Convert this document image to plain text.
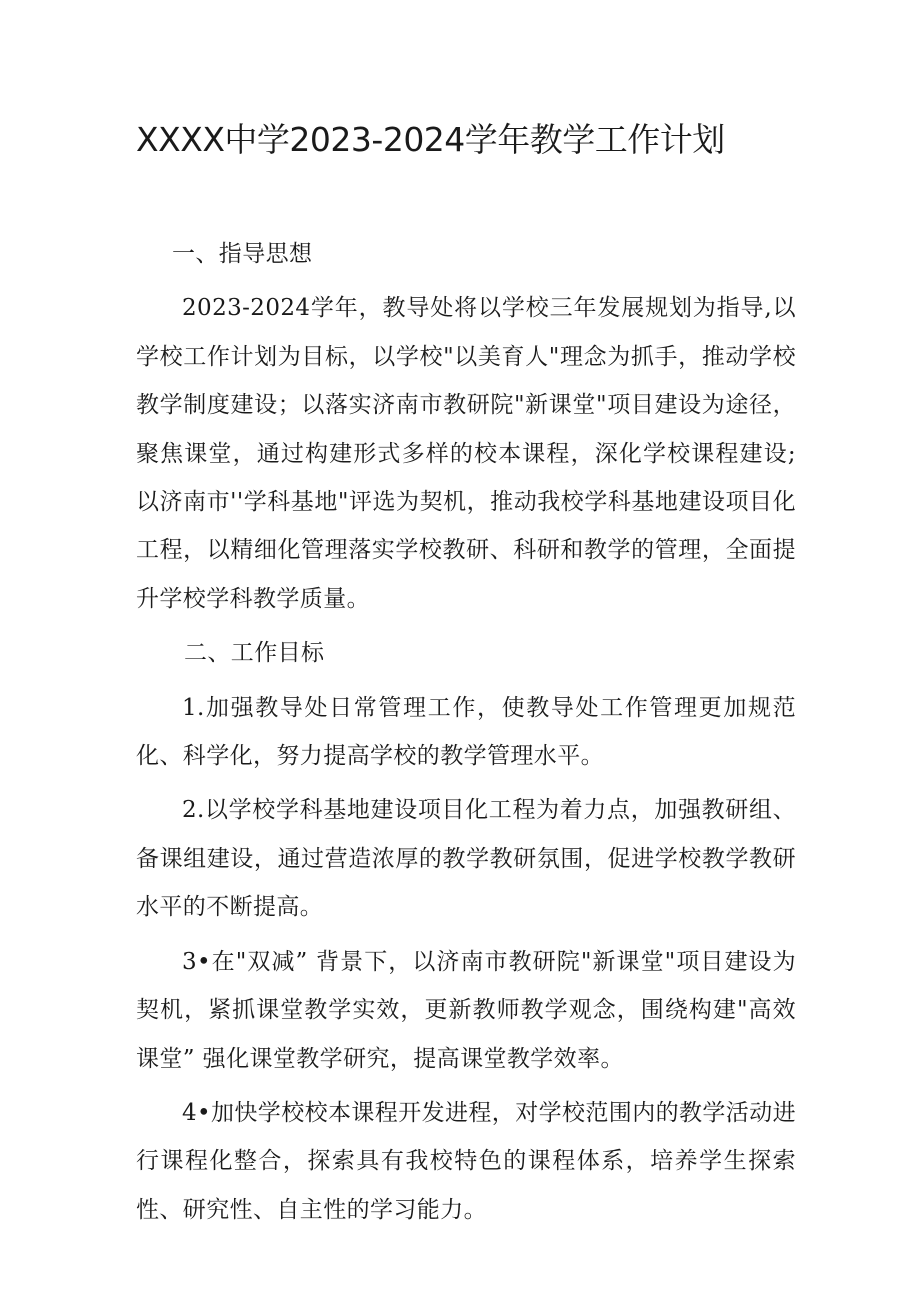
XXXX中学2023-2024学年教学工作计划

一、指导思想

2023-2024学年，教导处将以学校三年发展规划为指导,以学校工作计划为目标，以学校"以美育人"理念为抓手，推动学校教学制度建设；以落实济南市教研院"新课堂"项目建设为途径，聚焦课堂，通过构建形式多样的校本课程，深化学校课程建设;以济南市''学科基地"评选为契机，推动我校学科基地建设项目化工程，以精细化管理落实学校教研、科研和教学的管理，全面提升学校学科教学质量。

二、工作目标

1.加强教导处日常管理工作，使教导处工作管理更加规范化、科学化，努力提高学校的教学管理水平。

2.以学校学科基地建设项目化工程为着力点，加强教研组、备课组建设，通过营造浓厚的教学教研氛围，促进学校教学教研水平的不断提高。

3•在"双减” 背景下，以济南市教研院"新课堂"项目建设为契机，紧抓课堂教学实效，更新教师教学观念，围绕构建"高效课堂” 强化课堂教学研究，提高课堂教学效率。

4•加快学校校本课程开发进程，对学校范围内的教学活动进行课程化整合，探索具有我校特色的课程体系，培养学生探索性、研究性、自主性的学习能力。
